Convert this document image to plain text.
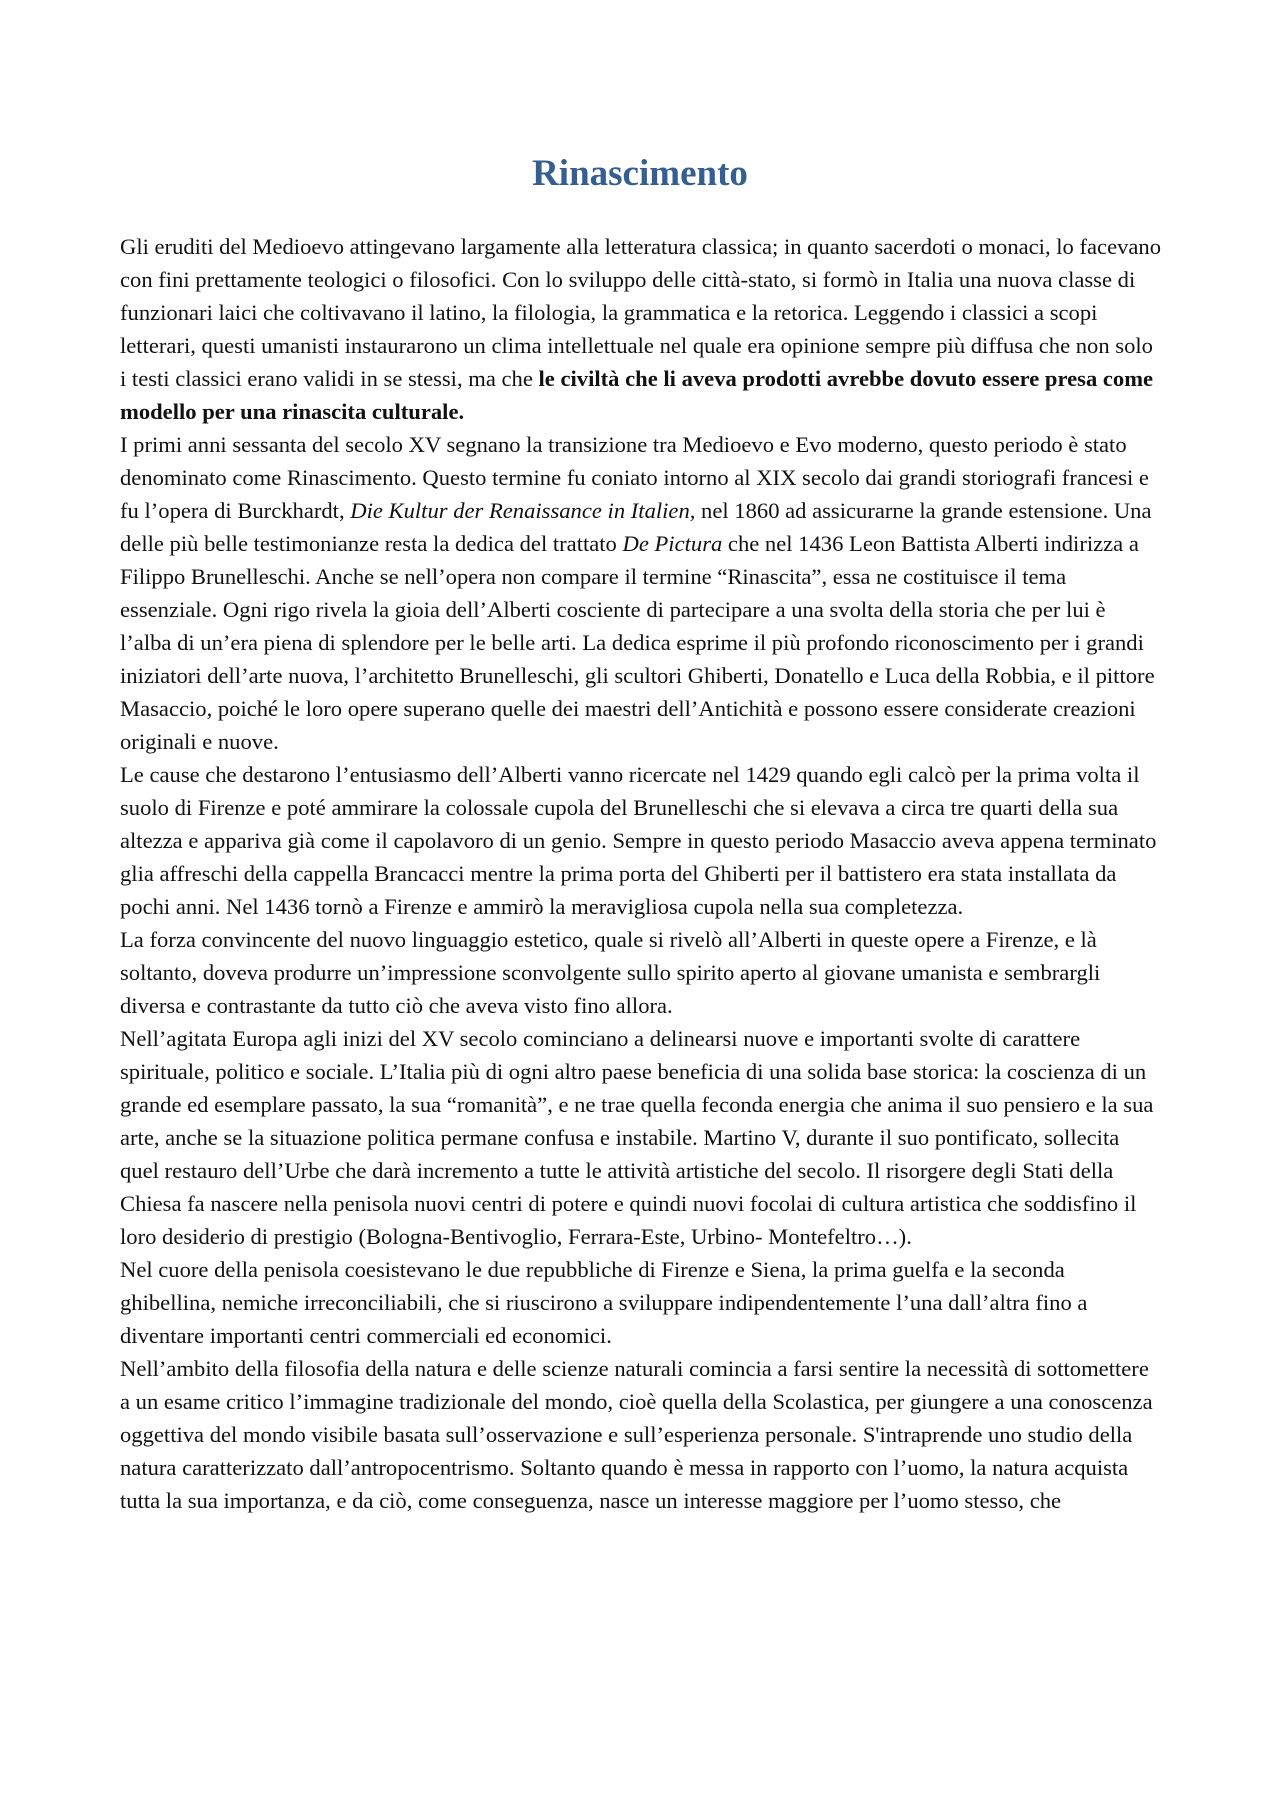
Rinascimento

Gli eruditi del Medioevo attingevano largamente alla letteratura classica; in quanto sacerdoti o monaci, lo facevano con fini prettamente teologici o filosofici. Con lo sviluppo delle città-stato, si formò in Italia una nuova classe di funzionari laici che coltivavano il latino, la filologia, la grammatica e la retorica. Leggendo i classici a scopi letterari, questi umanisti instaurarono un clima intellettuale nel quale era opinione sempre più diffusa che non solo i testi classici erano validi in se stessi, ma che le civiltà che li aveva prodotti avrebbe dovuto essere presa come modello per una rinascita culturale.

I primi anni sessanta del secolo XV segnano la transizione tra Medioevo e Evo moderno, questo periodo è stato denominato come Rinascimento. Questo termine fu coniato intorno al XIX secolo dai grandi storiografi francesi e fu l’opera di Burckhardt, Die Kultur der Renaissance in Italien, nel 1860 ad assicurarne la grande estensione. Una delle più belle testimonianze resta la dedica del trattato De Pictura che nel 1436 Leon Battista Alberti indirizza a Filippo Brunelleschi. Anche se nell’opera non compare il termine “Rinascita”, essa ne costituisce il tema essenziale. Ogni rigo rivela la gioia dell’Alberti cosciente di partecipare a una svolta della storia che per lui è l’alba di un’era piena di splendore per le belle arti. La dedica esprime il più profondo riconoscimento per i grandi iniziatori dell’arte nuova, l’architetto Brunelleschi, gli scultori Ghiberti, Donatello e Luca della Robbia, e il pittore Masaccio, poiché le loro opere superano quelle dei maestri dell’Antichità e possono essere considerate creazioni originali e nuove.

Le cause che destarono l’entusiasmo dell’Alberti vanno ricercate nel 1429 quando egli calcò per la prima volta il suolo di Firenze e poté ammirare la colossale cupola del Brunelleschi che si elevava a circa tre quarti della sua altezza e appariva già come il capolavoro di un genio. Sempre in questo periodo Masaccio aveva appena terminato glia affreschi della cappella Brancacci mentre la prima porta del Ghiberti per il battistero era stata installata da pochi anni. Nel 1436 tornò a Firenze e ammirò la meravigliosa cupola nella sua completezza.

La forza convincente del nuovo linguaggio estetico, quale si rivelò all’Alberti in queste opere a Firenze, e là soltanto, doveva produrre un’impressione sconvolgente sullo spirito aperto al giovane umanista e sembrargli diversa e contrastante da tutto ciò che aveva visto fino allora.

Nell’agitata Europa agli inizi del XV secolo cominciano a delinearsi nuove e importanti svolte di carattere spirituale, politico e sociale. L’Italia più di ogni altro paese beneficia di una solida base storica: la coscienza di un grande ed esemplare passato, la sua “romanità”, e ne trae quella feconda energia che anima il suo pensiero e la sua arte, anche se la situazione politica permane confusa e instabile. Martino V, durante il suo pontificato, sollecita quel restauro dell’Urbe che darà incremento a tutte le attività artistiche del secolo. Il risorgere degli Stati della Chiesa fa nascere nella penisola nuovi centri di potere e quindi nuovi focolai di cultura artistica che soddisfino il loro desiderio di prestigio (Bologna-Bentivoglio, Ferrara-Este, Urbino- Montefeltro…).

Nel cuore della penisola coesistevano le due repubbliche di Firenze e Siena, la prima guelfa e la seconda ghibellina, nemiche irreconciliabili, che si riuscirono a sviluppare indipendentemente l’una dall’altra fino a diventare importanti centri commerciali ed economici.

Nell’ambito della filosofia della natura e delle scienze naturali comincia a farsi sentire la necessità di sottomettere a un esame critico l’immagine tradizionale del mondo, cioè quella della Scolastica, per giungere a una conoscenza oggettiva del mondo visibile basata sull’osservazione e sull’esperienza personale. S'intraprende uno studio della natura caratterizzato dall’antropocentrismo. Soltanto quando è messa in rapporto con l’uomo, la natura acquista tutta la sua importanza, e da ciò, come conseguenza, nasce un interesse maggiore per l’uomo stesso, che
